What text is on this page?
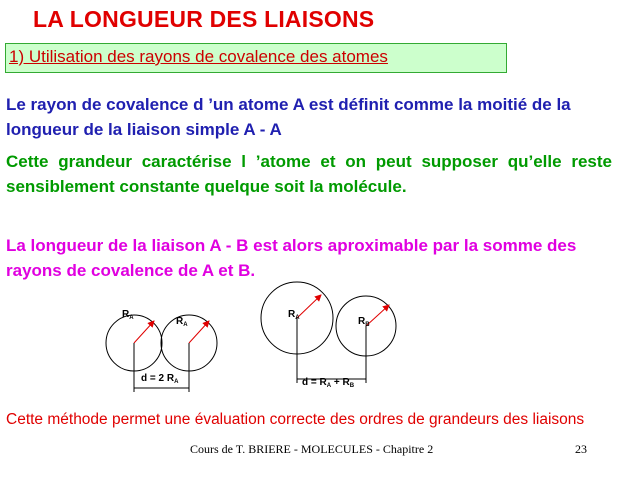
LA LONGUEUR DES LIAISONS
1) Utilisation des rayons de covalence des atomes
Le rayon de covalence d ’un atome A est définit comme la moitié de la longueur de la liaison simple A - A
Cette grandeur caractérise l ’atome et on peut supposer qu’elle reste sensiblement constante quelque soit la molécule.
La longueur de la liaison A - B est alors aproximable par la somme des rayons de covalence de A et B.
$R_A$	$R_A$
d = 2 $R_A$
$R_A$	$R_B$
$d = R_A + R_B$
Cette méthode permet une évaluation correcte des ordres de grandeurs des liaisons
Cours de T. BRIERE - MOLECULES - Chapitre 2	23
